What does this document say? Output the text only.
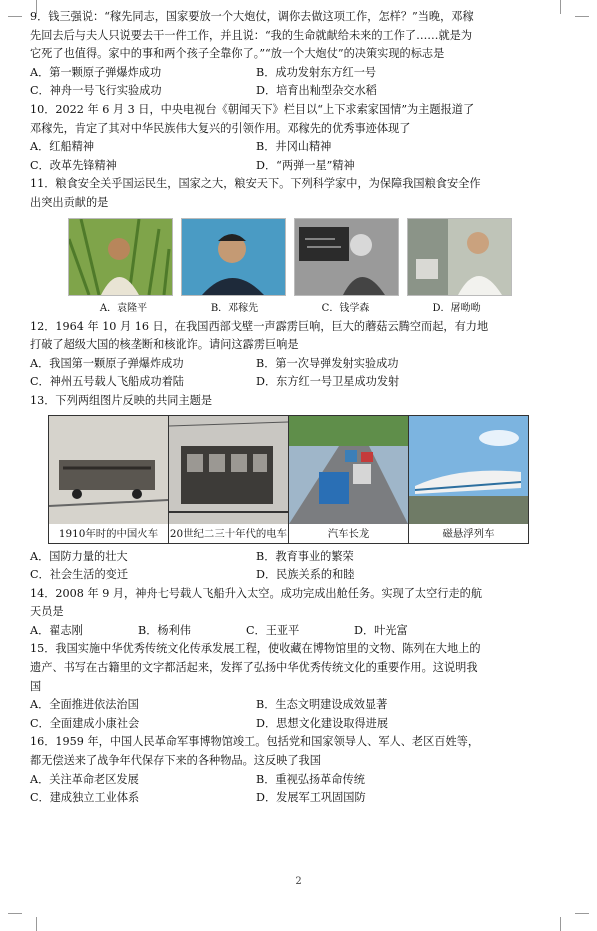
9．钱三强说：“稼先同志，国家要放一个大炮仗，调你去做这项工作，怎样？”当晚，邓稼
先回去后与夫人只说要去干一件工作，并且说：“我的生命就献给未来的工作了……就是为
它死了也值得。家中的事和两个孩子全靠你了。”“放一个大炮仗”的决策实现的标志是
A．第一颗原子弹爆炸成功	B．成功发射东方红一号
C．神舟一号飞行实验成功	D．培育出籼型杂交水稻
10．2022 年 6 月 3 日，中央电视台《朝闻天下》栏目以“上下求索家国情”为主题报道了
邓稼先，肯定了其对中华民族伟大复兴的引领作用。邓稼先的优秀事迹体现了
A．红船精神	B．井冈山精神
C．改革先锋精神	D．“两弹一星”精神
11．粮食安全关乎国运民生，国家之大，粮安天下。下列科学家中，为保障我国粮食安全作
出突出贡献的是
A．袁隆平	B．邓稼先	C．钱学森	D．屠呦呦
12．1964 年 10 月 16 日，在我国西部戈壁一声霹雳巨响，巨大的蘑菇云腾空而起，有力地
打破了超级大国的核垄断和核讹诈。请问这霹雳巨响是
A．我国第一颗原子弹爆炸成功	B．第一次导弹发射实验成功
C．神州五号载人飞船成功着陆	D．东方红一号卫星成功发射
13．下列两组图片反映的共同主题是
1910年时的中国火车	20世纪二三十年代的电车	汽车长龙	磁悬浮列车
A．国防力量的壮大	B．教育事业的繁荣
C．社会生活的变迁	D．民族关系的和睦
14．2008 年 9 月，神舟七号载人飞船升入太空。成功完成出舱任务。实现了太空行走的航
天员是
A．翟志刚	B．杨利伟	C．王亚平	D．叶光富
15．我国实施中华优秀传统文化传承发展工程，使收藏在博物馆里的文物、陈列在大地上的
遗产、书写在古籍里的文字都活起来，发挥了弘扬中华优秀传统文化的重要作用。这说明我
国
A．全面推进依法治国	B．生态文明建设成效显著
C．全面建成小康社会	D．思想文化建设取得进展
16．1959 年，中国人民革命军事博物馆竣工。包括党和国家领导人、军人、老区百姓等，
都无偿送来了战争年代保存下来的各种物品。这反映了我国
A．关注革命老区发展	B．重视弘扬革命传统
C．建成独立工业体系	D．发展军工巩固国防
2
